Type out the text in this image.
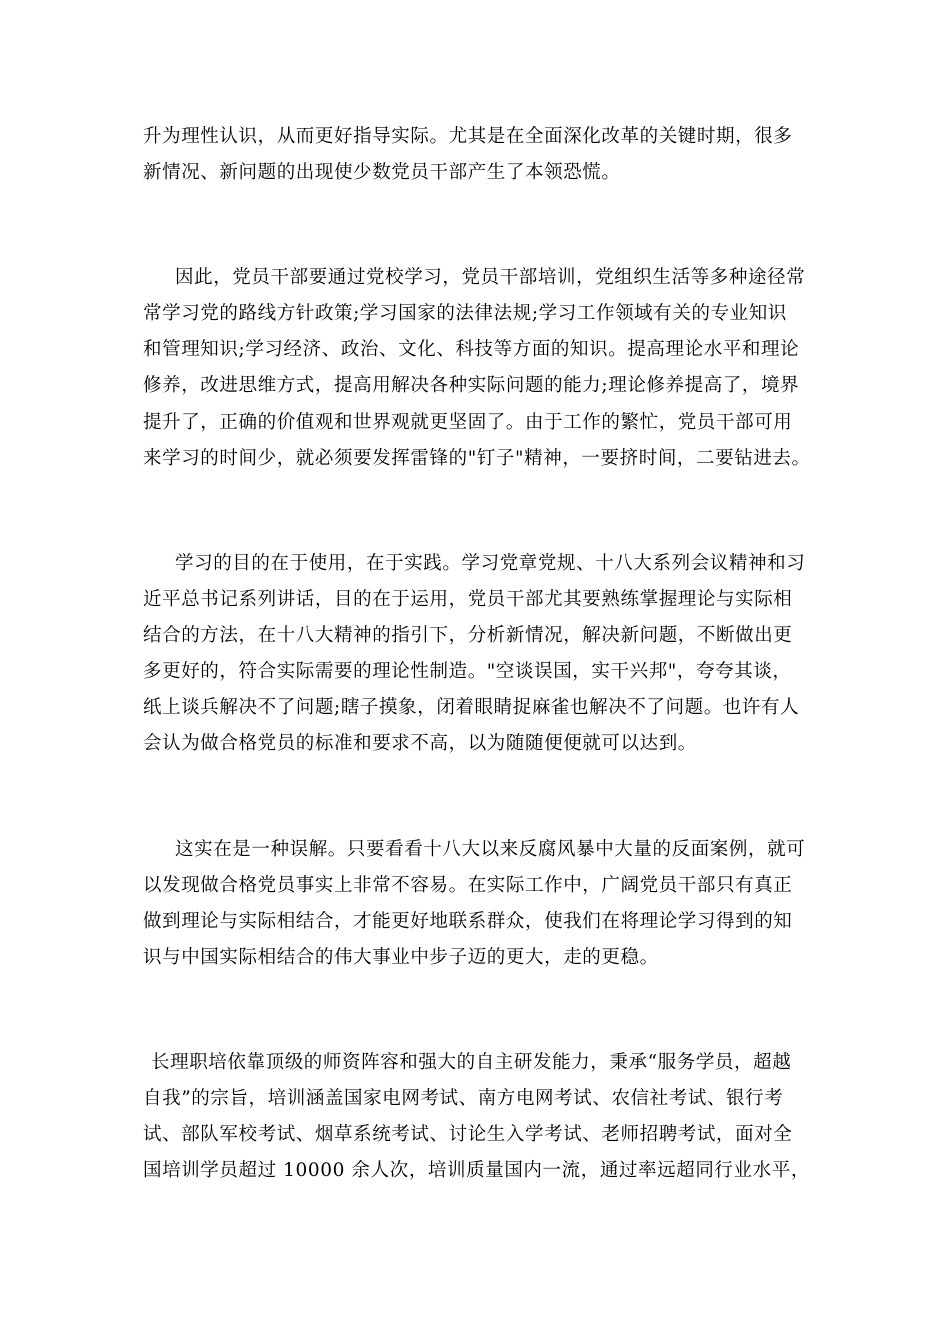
升为理性认识，从而更好指导实际。尤其是在全面深化改革的关键时期，很多

新情况、新问题的出现使少数党员干部产生了本领恐慌。

因此，党员干部要通过党校学习，党员干部培训，党组织生活等多种途径常

常学习党的路线方针政策;学习国家的法律法规;学习工作领域有关的专业知识

和管理知识;学习经济、政治、文化、科技等方面的知识。提高理论水平和理论

修养，改进思维方式，提高用解决各种实际问题的能力;理论修养提高了，境界

提升了，正确的价值观和世界观就更坚固了。由于工作的繁忙，党员干部可用

来学习的时间少，就必须要发挥雷锋的"钉子"精神，一要挤时间，二要钻进去。

学习的目的在于使用，在于实践。学习党章党规、十八大系列会议精神和习

近平总书记系列讲话，目的在于运用，党员干部尤其要熟练掌握理论与实际相

结合的方法，在十八大精神的指引下，分析新情况，解决新问题，不断做出更

多更好的，符合实际需要的理论性制造。"空谈误国，实干兴邦"，夸夸其谈，

纸上谈兵解决不了问题;瞎子摸象，闭着眼睛捉麻雀也解决不了问题。也许有人

会认为做合格党员的标准和要求不高，以为随随便便就可以达到。

这实在是一种误解。只要看看十八大以来反腐风暴中大量的反面案例，就可

以发现做合格党员事实上非常不容易。在实际工作中，广阔党员干部只有真正

做到理论与实际相结合，才能更好地联系群众，使我们在将理论学习得到的知

识与中国实际相结合的伟大事业中步子迈的更大，走的更稳。

长理职培依靠顶级的师资阵容和强大的自主研发能力，秉承“服务学员，超越

自我”的宗旨，培训涵盖国家电网考试、南方电网考试、农信社考试、银行考

试、部队军校考试、烟草系统考试、讨论生入学考试、老师招聘考试，面对全

国培训学员超过 10000 余人次，培训质量国内一流，通过率远超同行业水平，
